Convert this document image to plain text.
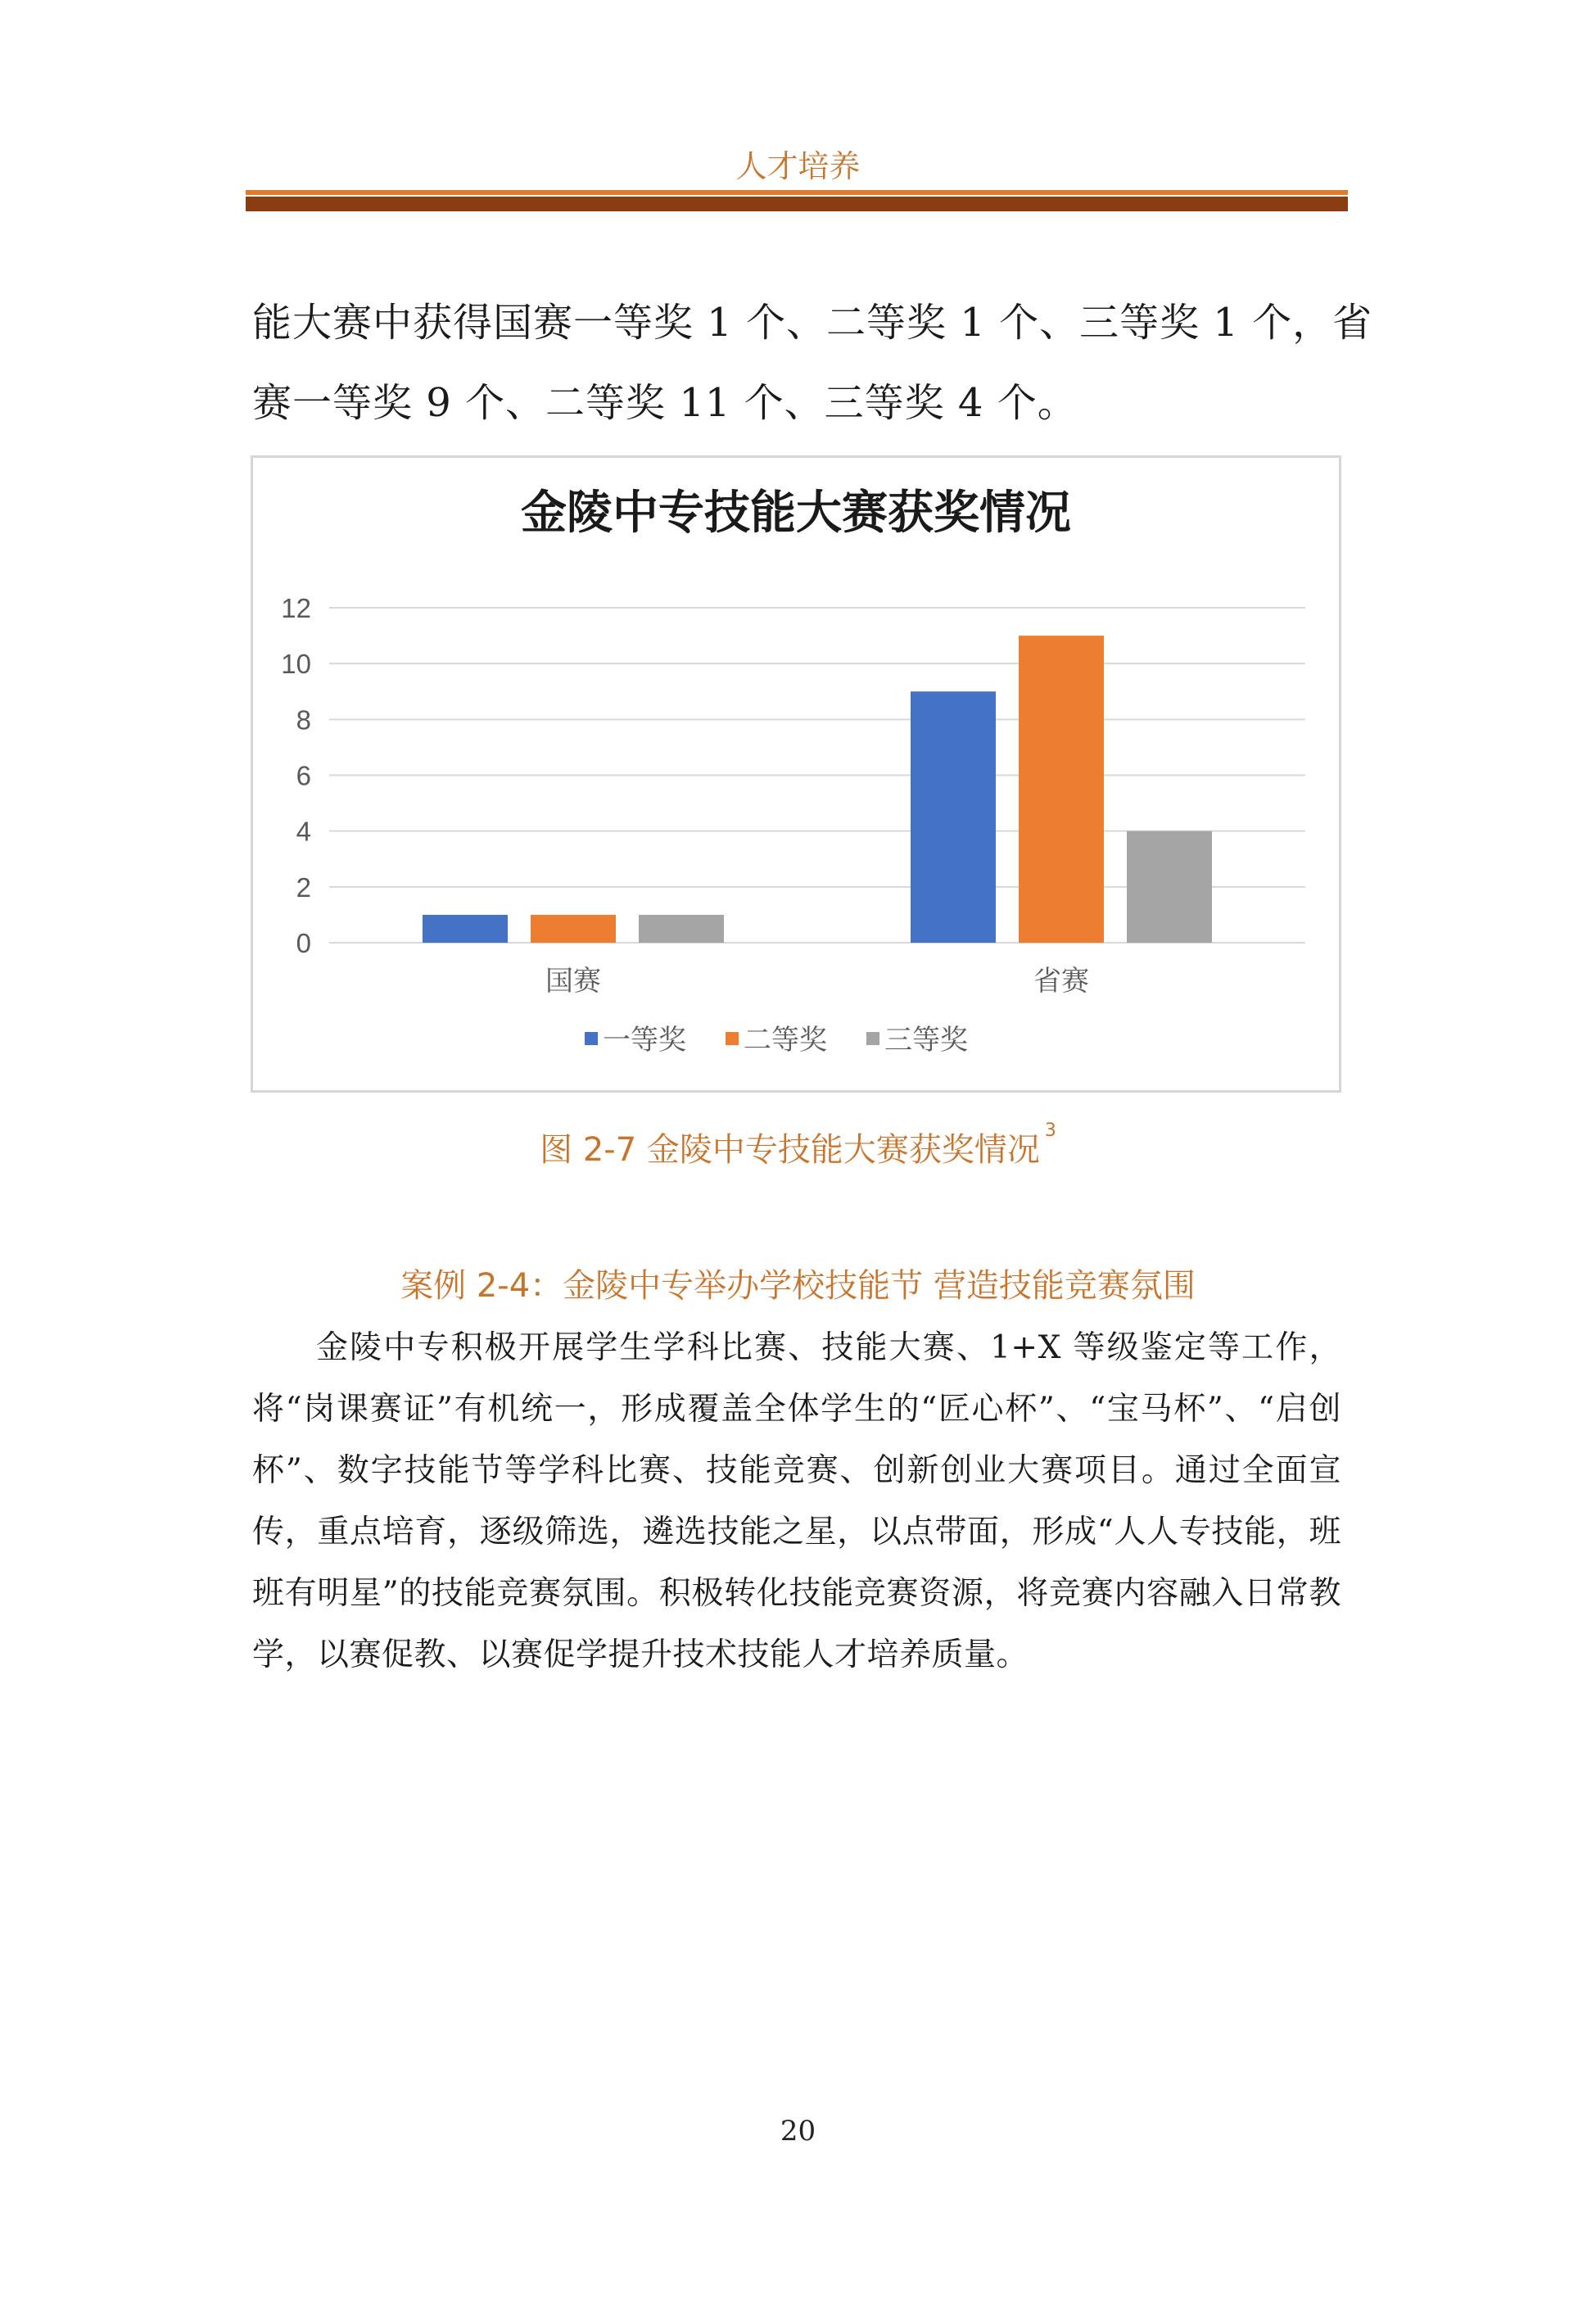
人才培养

能大赛中获得国赛一等奖 1 个、二等奖 1 个、三等奖 1 个，省

赛一等奖 9 个、二等奖 11 个、三等奖 4 个。

金陵中专技能大赛获奖情况
0
2
4
6
8
10
12
国赛	省赛
一等奖 二等奖 三等奖
图 2-7 金陵中专技能大赛获奖情况$^3$
案例 2-4：金陵中专举办学校技能节 营造技能竞赛氛围

金陵中专积极开展学生学科比赛、技能大赛、1+X 等级鉴定等工作，将“岗课赛证”有机统一，形成覆盖全体学生的“匠心杯”、“宝马杯”、“启创杯”、数字技能节等学科比赛、技能竞赛、创新创业大赛项目。通过全面宣传，重点培育，逐级筛选，遴选技能之星，以点带面，形成“人人专技能，班班有明星”的技能竞赛氛围。积极转化技能竞赛资源，将竞赛内容融入日常教学，以赛促教、以赛促学提升技术技能人才培养质量。

20
